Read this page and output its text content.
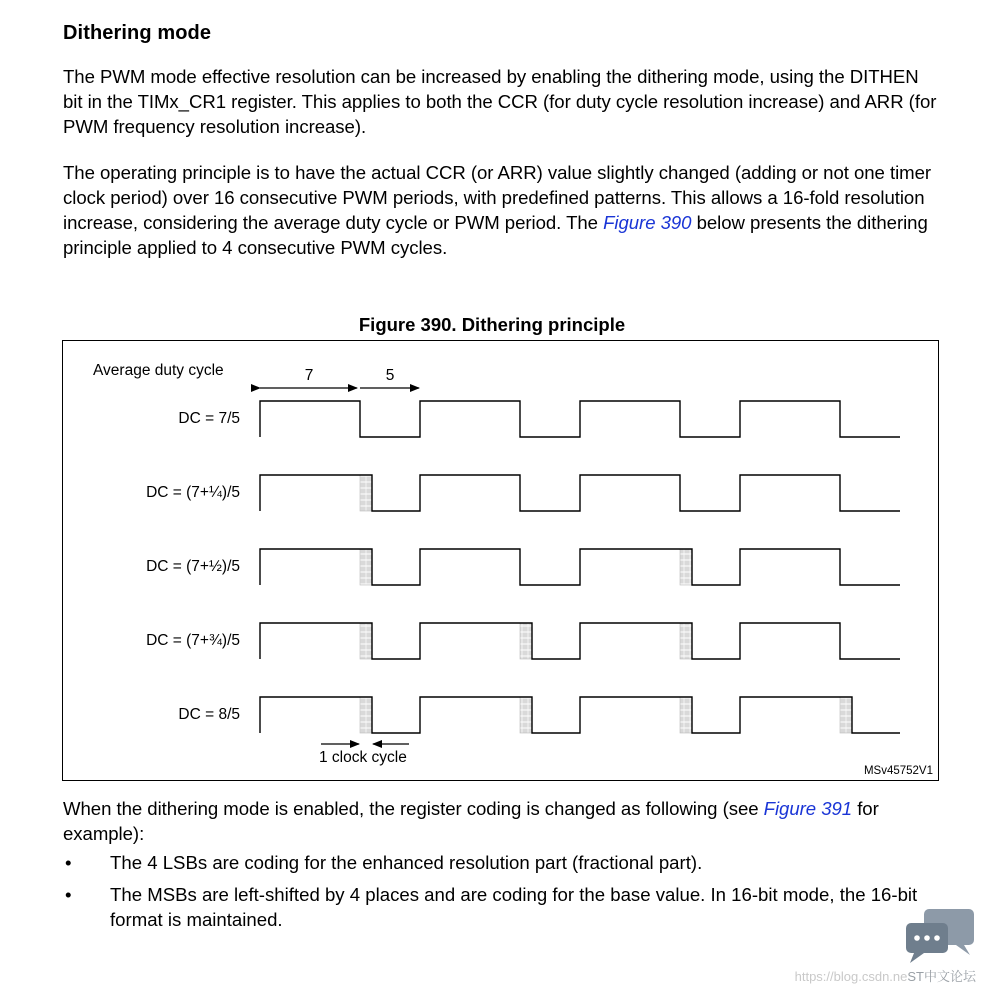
Dithering mode

The PWM mode effective resolution can be increased by enabling the dithering mode, using the DITHEN bit in the TIMx_CR1 register. This applies to both the CCR (for duty cycle resolution increase) and ARR (for PWM frequency resolution increase).

The operating principle is to have the actual CCR (or ARR) value slightly changed (adding or not one timer clock period) over 16 consecutive PWM periods, with predefined patterns. This allows a 16-fold resolution increase, considering the average duty cycle or PWM period. The Figure 390 below presents the dithering principle applied to 4 consecutive PWM cycles.

Figure 390. Dithering principle
Average duty cycle	7	5
DC = 7/5
DC = (7+¼)/5
DC = (7+½)/5
DC = (7+¾)/5
DC = 8/5
1 clock cycle
MSv45752V1

When the dithering mode is enabled, the register coding is changed as following (see Figure 391 for example):

• The 4 LSBs are coding for the enhanced resolution part (fractional part).
• The MSBs are left-shifted by 4 places and are coding for the base value. In 16-bit mode, the 16-bit format is maintained.
https://blog.csdn.neST中文论坛
